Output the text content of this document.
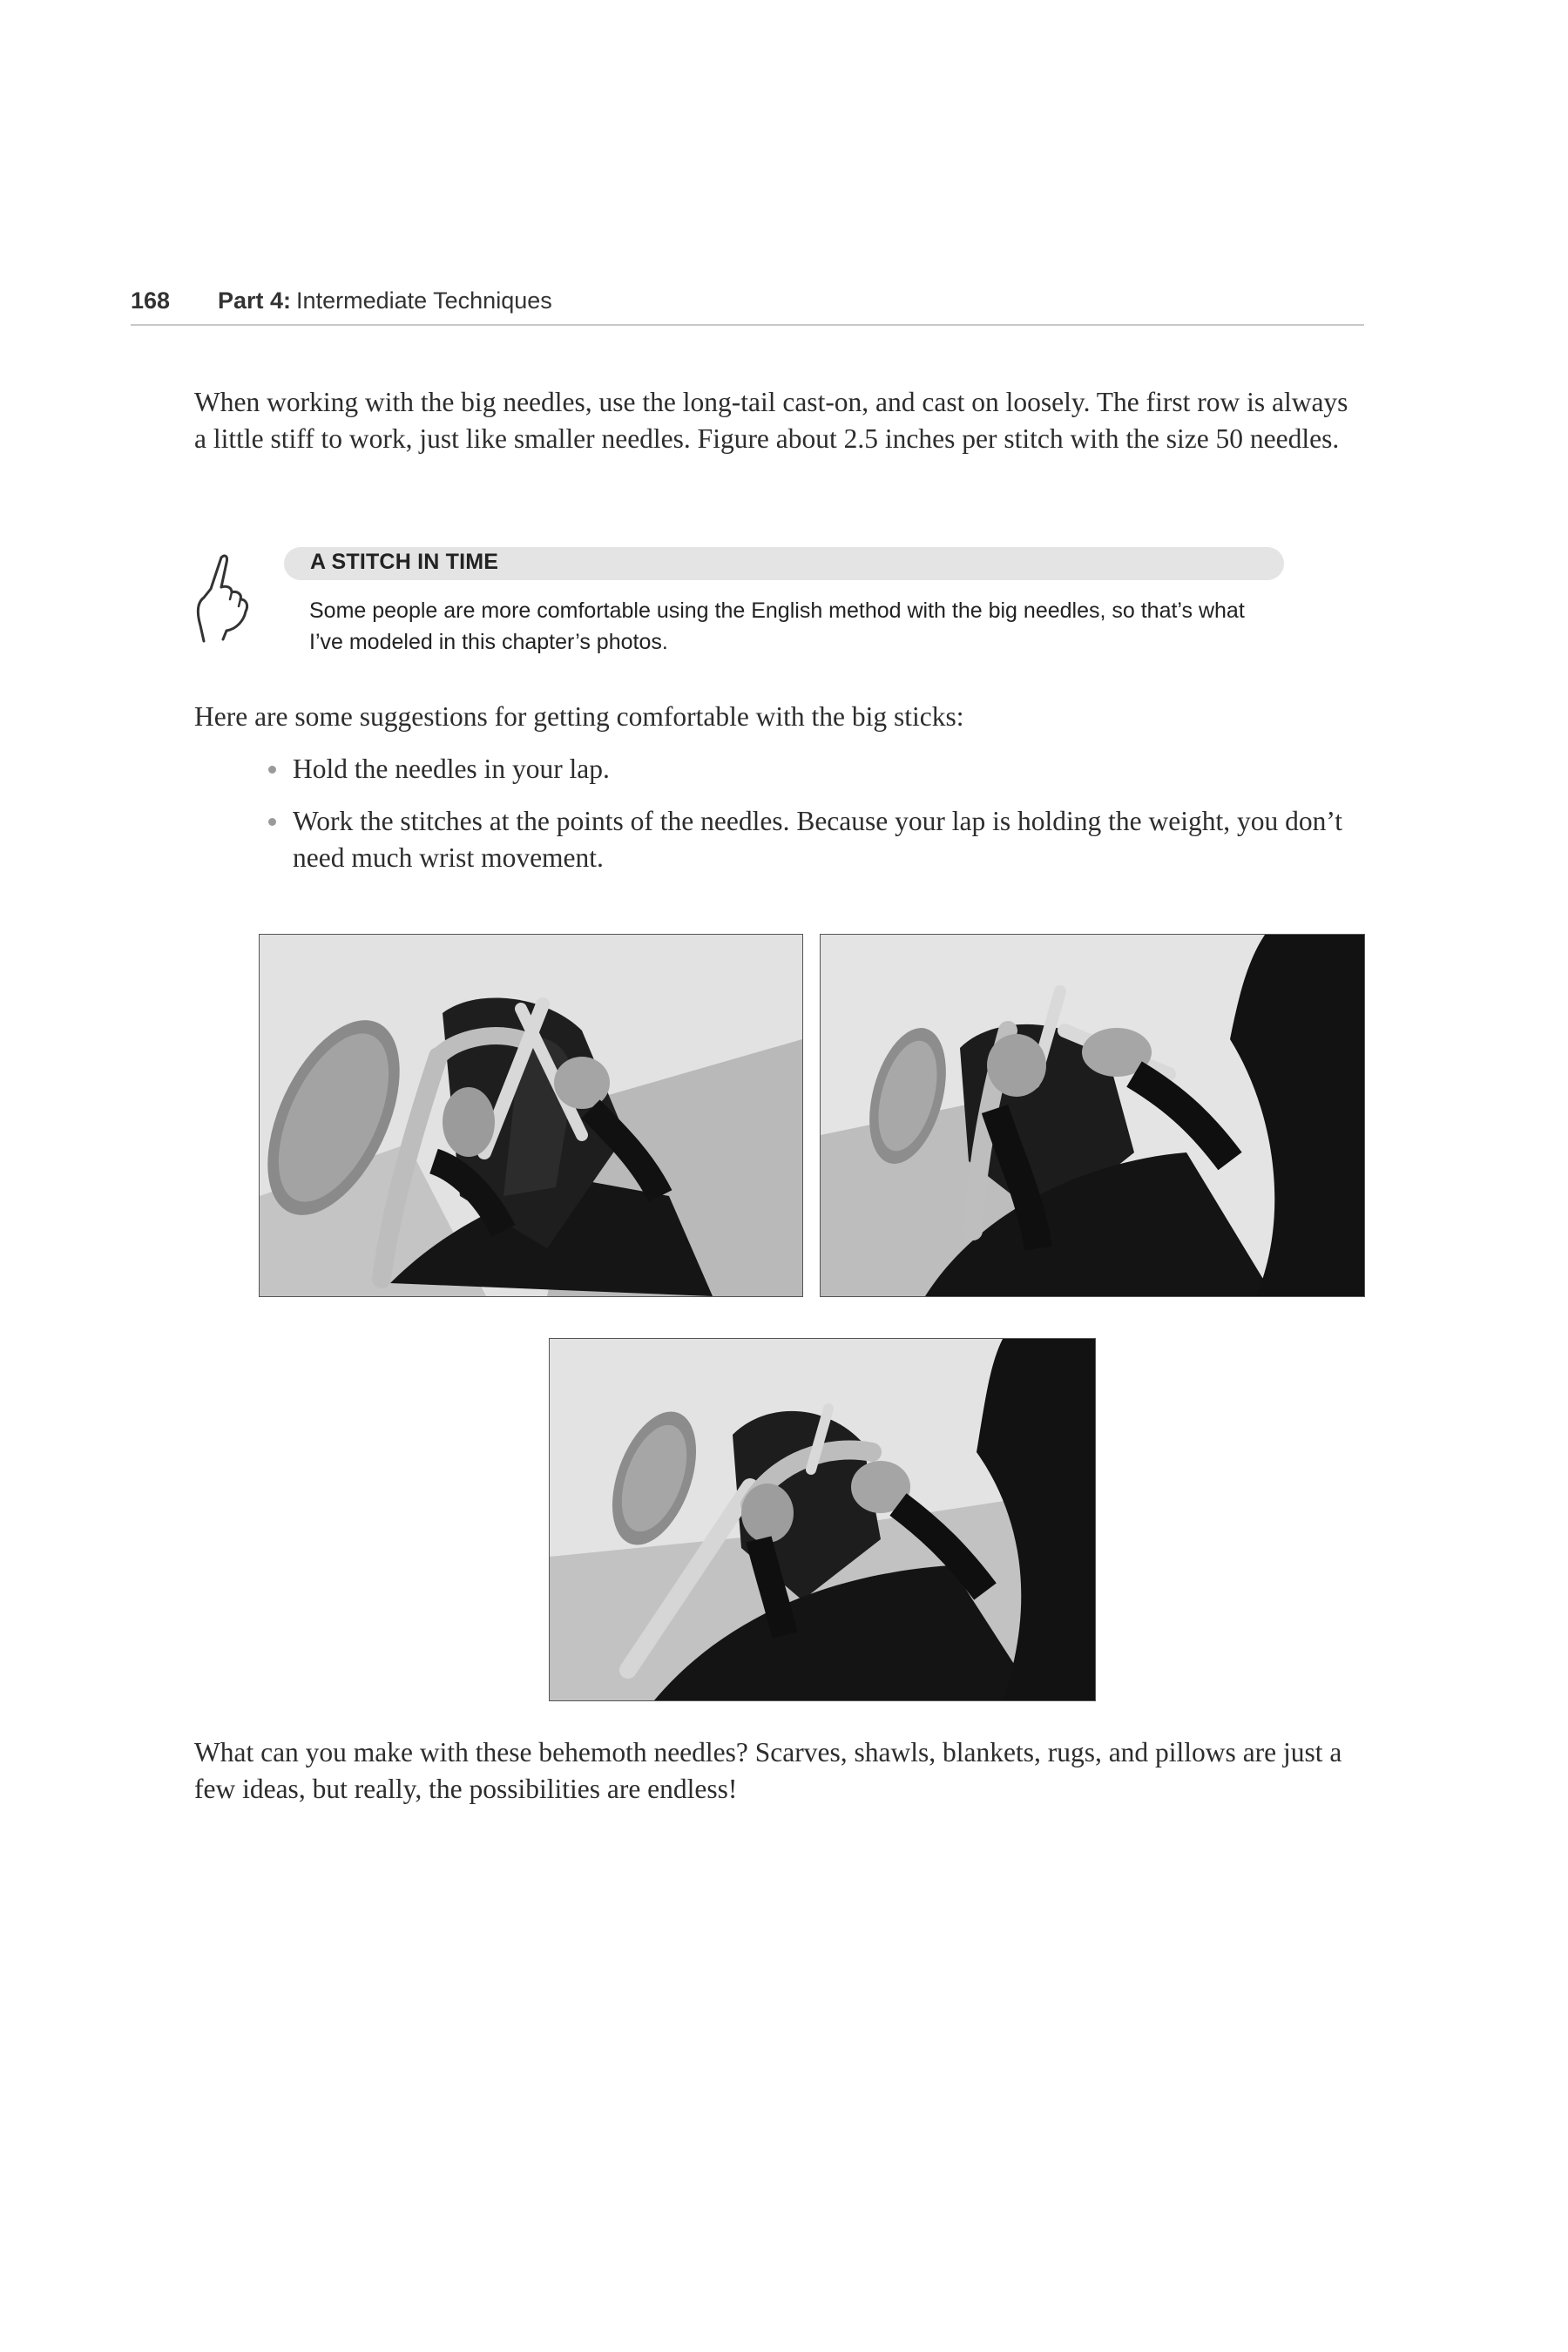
168 Part 4: Intermediate Techniques

When working with the big needles, use the long-tail cast-on, and cast on loosely. The first row is always a little stiff to work, just like smaller needles. Figure about 2.5 inches per stitch with the size 50 needles.

A STITCH IN TIME
Some people are more comfortable using the English method with the big needles, so that’s what I’ve modeled in this chapter’s photos.

Here are some suggestions for getting comfortable with the big sticks:

Hold the needles in your lap.
Work the stitches at the points of the needles. Because your lap is holding the weight, you don’t need much wrist movement.

What can you make with these behemoth needles? Scarves, shawls, blankets, rugs, and pillows are just a few ideas, but really, the possibilities are endless!
